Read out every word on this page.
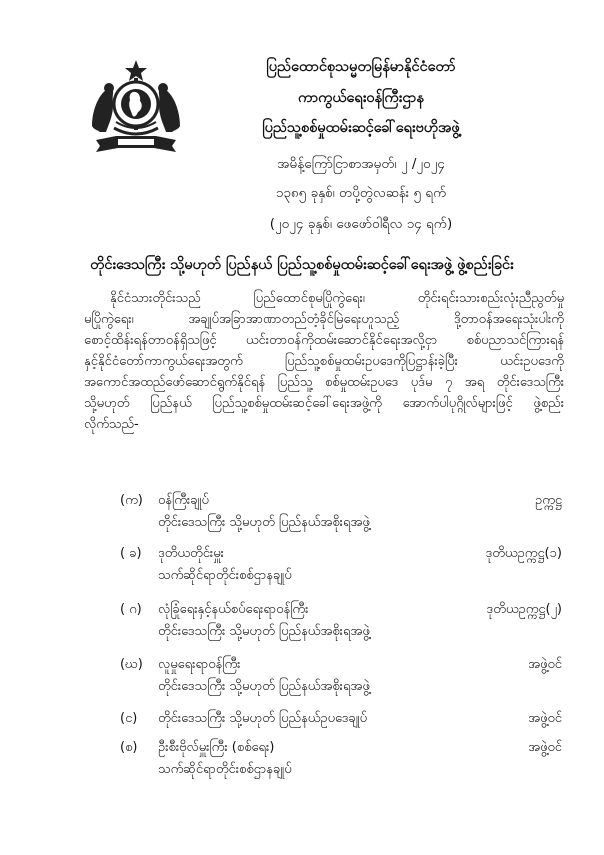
ပြည်ထောင်စုသမ္မတမြန်မာနိုင်ငံတော်
ကာကွယ်ရေးဝန်ကြီးဌာန
ပြည်သူ့စစ်မှုထမ်းဆင့်ခေါ်ရေးဗဟိုအဖွဲ့
အမိန့်ကြော်ငြာစာအမှတ်၊ ၂ /၂၀၂၄
၁၃၈၅ ခုနှစ်၊ တပို့တွဲလဆန်း ၅ ရက်
(၂၀၂၄ ခုနှစ်၊ ဖေဖော်ဝါရီလ ၁၄ ရက်)
တိုင်းဒေသကြီး သို့မဟုတ် ပြည်နယ် ပြည်သူ့စစ်မှုထမ်းဆင့်ခေါ်ရေးအဖွဲ့ ဖွဲ့စည်းခြင်း
နိုင်ငံသားတိုင်းသည် ပြည်ထောင်စုမပြိုကွဲရေး၊ တိုင်းရင်းသားစည်းလုံးညီညွတ်မှု
မပြိုကွဲရေး၊ အချုပ်အခြာအာဏာတည်တံ့ခိုင်မြဲရေးဟူသည့် ဒို့တာဝန်အရေးသုံးပါးကို
စောင့်ထိန်းရန်တာဝန်ရှိသဖြင့် ယင်းတာဝန်ကိုထမ်းဆောင်နိုင်ရေးအလို့ငှာ စစ်ပညာသင်ကြားရန်
နှင့်နိုင်ငံတော်ကာကွယ်ရေးအတွက် ပြည်သူ့စစ်မှုထမ်းဥပဒေကိုပြဋ္ဌာန်းခဲ့ပြီး ယင်းဥပဒေကို
အကောင်အထည်ဖော်ဆောင်ရွက်နိုင်ရန် ပြည်သူ့ စစ်မှုထမ်းဥပဒေ ပုဒ်မ ၇ အရ တိုင်းဒေသကြီး
သို့မဟုတ် ပြည်နယ် ပြည်သူ့စစ်မှုထမ်းဆင့်ခေါ်ရေးအဖွဲ့ကို အောက်ပါပုဂ္ဂိုလ်များဖြင့် ဖွဲ့စည်း
လိုက်သည်-
(က)	ဝန်ကြီးချုပ်	ဥက္ကဋ္ဌ
တိုင်းဒေသကြီး သို့မဟုတ် ပြည်နယ်အစိုးရအဖွဲ့
( ခ)	ဒုတိယတိုင်းမှူး	ဒုတိယဥက္ကဋ္ဌ(၁)
သက်ဆိုင်ရာတိုင်းစစ်ဌာနချုပ်
( ဂ)	လုံခြုံရေးနှင့်နယ်စပ်ရေးရာဝန်ကြီး	ဒုတိယဥက္ကဋ္ဌ(၂)
တိုင်းဒေသကြီး သို့မဟုတ် ပြည်နယ်အစိုးရအဖွဲ့
(ဃ)	လူမှုရေးရာဝန်ကြီး	အဖွဲ့ဝင်
တိုင်းဒေသကြီး သို့မဟုတ် ပြည်နယ်အစိုးရအဖွဲ့
(င)	တိုင်းဒေသကြီး သို့မဟုတ် ပြည်နယ်ဥပဒေချုပ်	အဖွဲ့ဝင်
(စ)	ဦးစီးဗိုလ်မှူးကြီး (စစ်ရေး)	အဖွဲ့ဝင်
သက်ဆိုင်ရာတိုင်းစစ်ဌာနချုပ်
